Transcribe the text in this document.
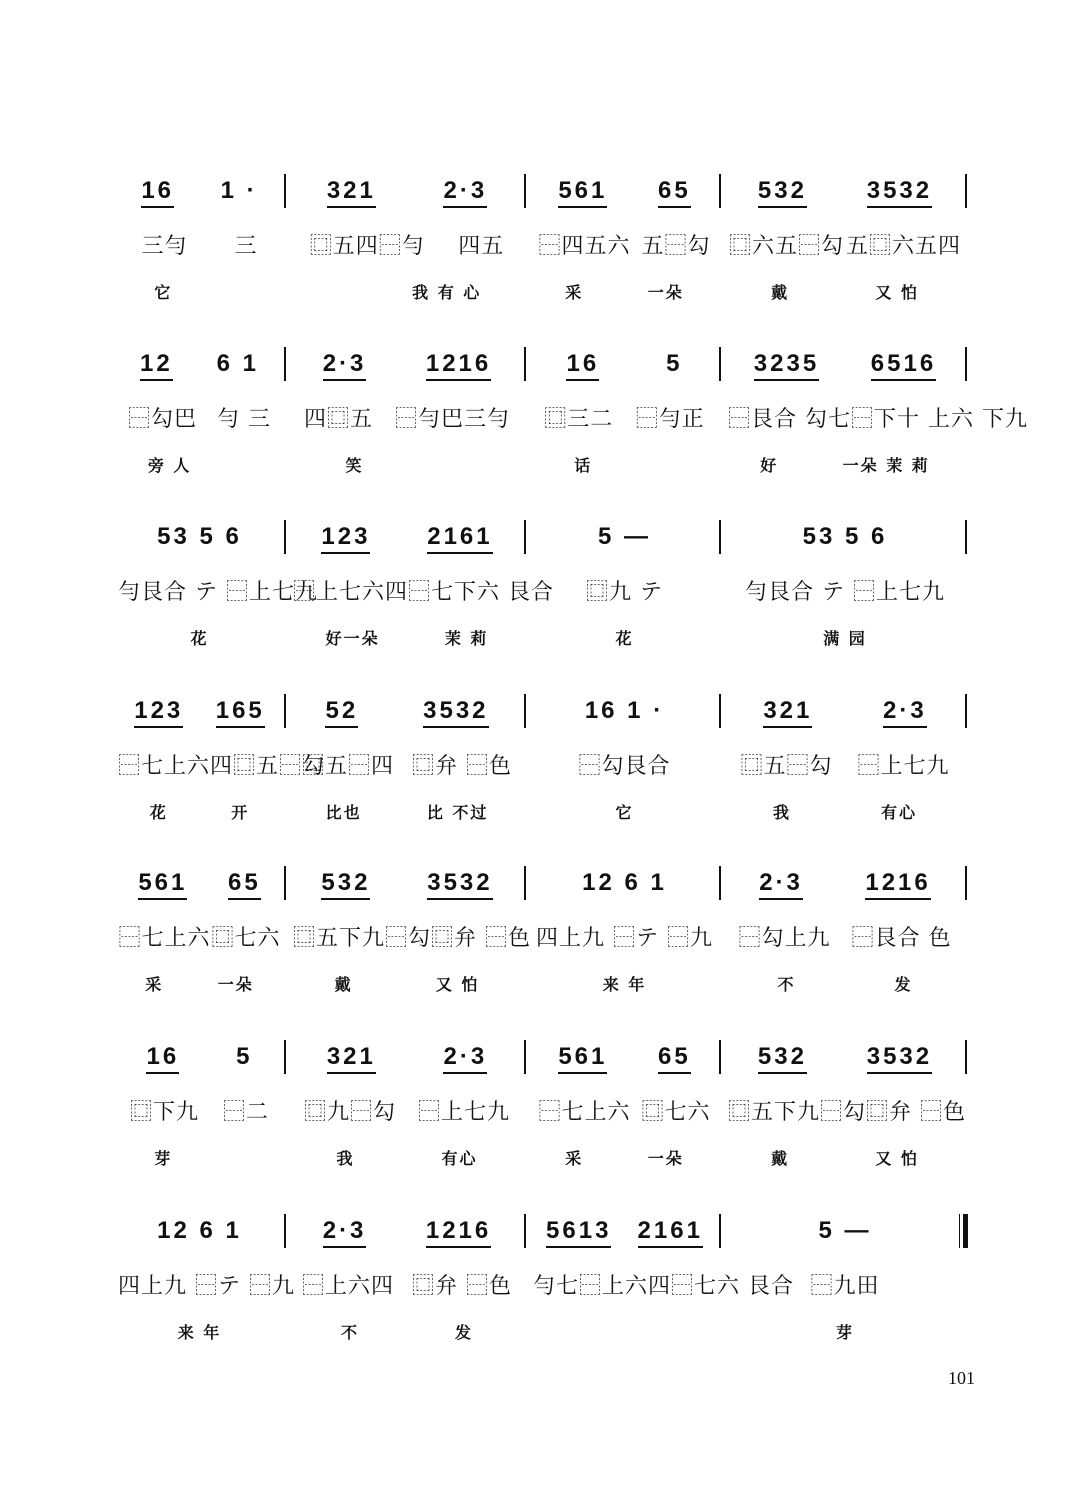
16 1 ·	321	2·3	561 65	532 3532
三勻 三 ⿴五四⿱勻 四五 ⿱四五六 五⿱勾 ⿴六五⿱勾 五⿴六五四
它	我 有 心	采	一朵	戴	又 怕
12 6 1	2·3 1216	16	5	3235 6516
⿱勾巴 勻 三 四⿴五 ⿱勻巴三勻 ⿴三二 ⿱勻正 ⿱艮合 勾 七⿱下十 上六 下九
旁 人	笑	话	好	一朵 茉 莉
53 5 6	123 2161	5 —	53 5 6
勻艮合 テ ⿱上七九
⿱上七六四 ⿱七下六 艮合 ⿴九 テ	勻艮合 テ ⿱上七九
花	好一朵	茉 莉	花	满 园
123 165	52	3532	16 1 ·	321	2·3
⿱七上六四 ⿴五⿱勾
⿴五⿱四 ⿴弁 ⿱色	⿱勾艮合	⿴五⿱勾 ⿱上七九
花	开	比也	比 不过	它	我	有心
561 65	532 3532	12 6 1	2·3	1216
⿱七上六 ⿴七六 ⿴五下九⿱勾 ⿴弁 ⿱色 四上九 ⿱テ ⿱九 ⿱勾上九 ⿱艮合 色
采	一朵	戴	又 怕	来 年	不	发
16 5	321	2·3	561 65	532 3532
⿴下九 ⿱二 ⿴九⿱勾 ⿱上七九 ⿱七上六 ⿴七六 ⿴五下九⿱勾 ⿴弁 ⿱色
芽	我	有心	采	一朵	戴	又 怕
12 6 1	2·3 1216 5613 2161	5 —
四上九 ⿱テ ⿱九 ⿱上六四 ⿴弁 ⿱色 勻七⿱上六四 ⿱七六 艮合 ⿱九田
来 年	不	发	芽
101
